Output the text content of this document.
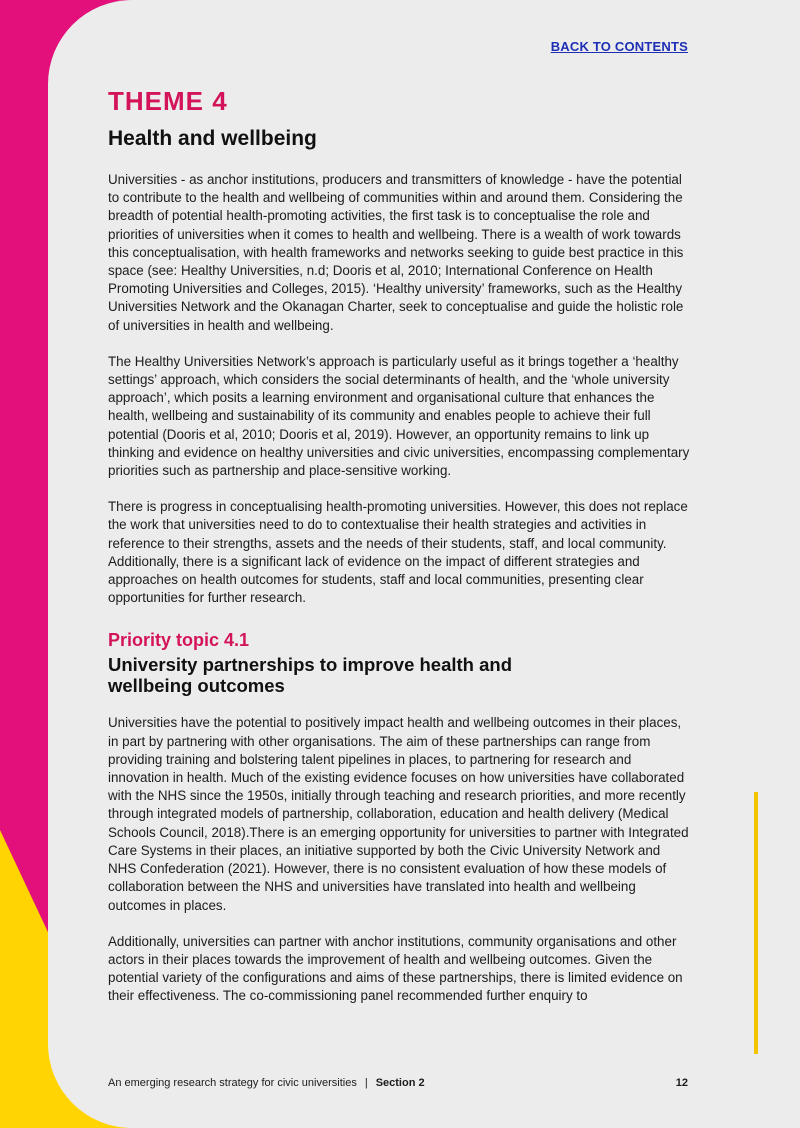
BACK TO CONTENTS
THEME 4
Health and wellbeing

Universities - as anchor institutions, producers and transmitters of knowledge - have the potential to contribute to the health and wellbeing of communities within and around them. Considering the breadth of potential health-promoting activities, the first task is to conceptualise the role and priorities of universities when it comes to health and wellbeing. There is a wealth of work towards this conceptualisation, with health frameworks and networks seeking to guide best practice in this space (see: Healthy Universities, n.d; Dooris et al, 2010; International Conference on Health Promoting Universities and Colleges, 2015). ‘Healthy university’ frameworks, such as the Healthy Universities Network and the Okanagan Charter, seek to conceptualise and guide the holistic role of universities in health and wellbeing.

The Healthy Universities Network’s approach is particularly useful as it brings together a ‘healthy settings’ approach, which considers the social determinants of health, and the ‘whole university approach’, which posits a learning environment and organisational culture that enhances the health, wellbeing and sustainability of its community and enables people to achieve their full potential (Dooris et al, 2010; Dooris et al, 2019). However, an opportunity remains to link up thinking and evidence on healthy universities and civic universities, encompassing complementary priorities such as partnership and place-sensitive working.

There is progress in conceptualising health-promoting universities. However, this does not replace the work that universities need to do to contextualise their health strategies and activities in reference to their strengths, assets and the needs of their students, staff, and local community. Additionally, there is a significant lack of evidence on the impact of different strategies and approaches on health outcomes for students, staff and local communities, presenting clear opportunities for further research.

Priority topic 4.1
University partnerships to improve health and wellbeing outcomes

Universities have the potential to positively impact health and wellbeing outcomes in their places, in part by partnering with other organisations. The aim of these partnerships can range from providing training and bolstering talent pipelines in places, to partnering for research and innovation in health. Much of the existing evidence focuses on how universities have collaborated with the NHS since the 1950s, initially through teaching and research priorities, and more recently through integrated models of partnership, collaboration, education and health delivery (Medical Schools Council, 2018).There is an emerging opportunity for universities to partner with Integrated Care Systems in their places, an initiative supported by both the Civic University Network and NHS Confederation (2021). However, there is no consistent evaluation of how these models of collaboration between the NHS and universities have translated into health and wellbeing outcomes in places.

Additionally, universities can partner with anchor institutions, community organisations and other actors in their places towards the improvement of health and wellbeing outcomes. Given the potential variety of the configurations and aims of these partnerships, there is limited evidence on their effectiveness. The co-commissioning panel recommended further enquiry to

An emerging research strategy for civic universities | Section 2	12
